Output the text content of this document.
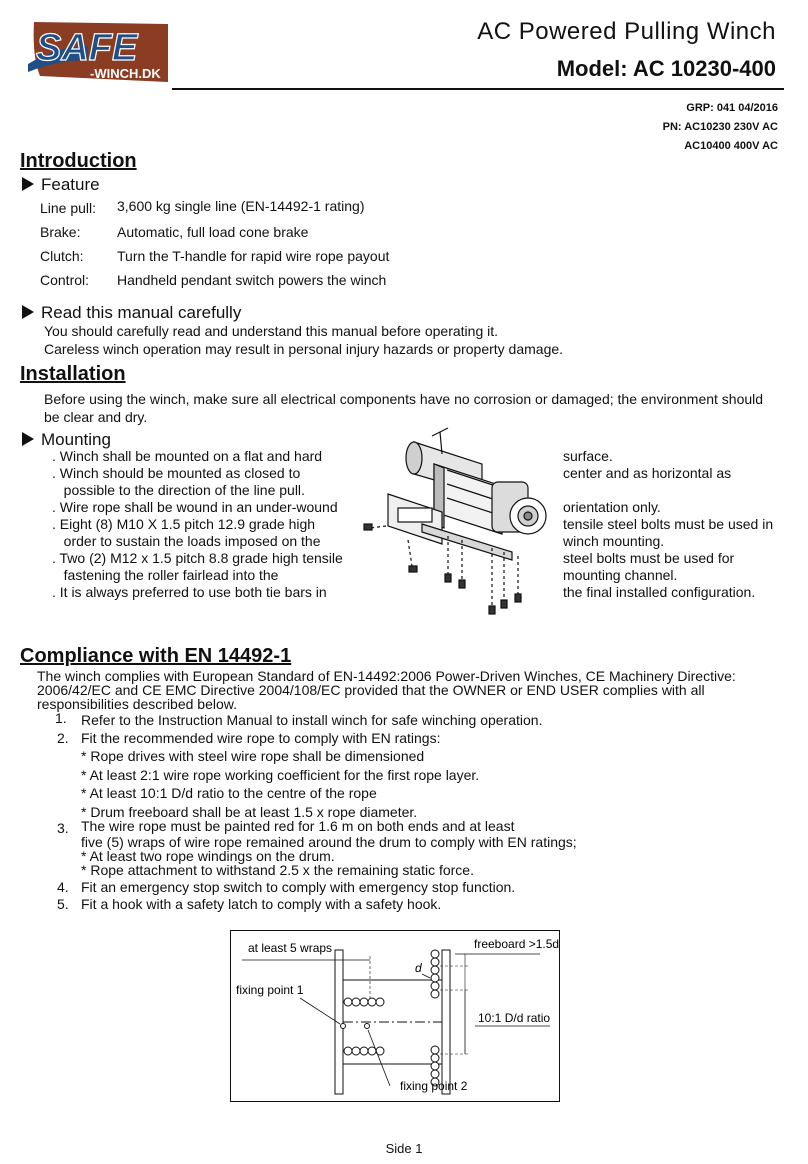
SAFE
-WINCH.DK
AC Powered Pulling Winch
Model: AC 10230-400
GRP: 041 04/2016
PN: AC10230 230V AC
AC10400 400V AC
Introduction
Feature
Line pull: 3,600 kg single line (EN-14492-1 rating)
Brake:	Automatic, full load cone brake
Clutch: Turn the T-handle for rapid wire rope payout
Control: Handheld pendant switch powers the winch
Read this manual carefully
You should carefully read and understand this manual before operating it.
Careless winch operation may result in personal injury hazards or property damage.
Installation
Before using the winch, make sure all electrical components have no corrosion or damaged; the environment should
be clear and dry.
Mounting
. Winch shall be mounted on a flat and hard
. Winch should be mounted as closed to
possible to the direction of the line pull.
. Wire rope shall be wound in an under-wound
. Eight (8) M10 X 1.5 pitch 12.9 grade high
order to sustain the loads imposed on the
. Two (2) M12 x 1.5 pitch 8.8 grade high tensile
fastening the roller fairlead into the
. It is always preferred to use both tie bars in
surface.
center and as horizontal as
orientation only.
tensile steel bolts must be used in
winch mounting.
steel bolts must be used for
mounting channel.
the final installed configuration.
Compliance with EN 14492-1
The winch complies with European Standard of EN-14492:2006 Power-Driven Winches, CE Machinery Directive:
2006/42/EC and CE EMC Directive 2004/108/EC provided that the OWNER or END USER complies with all
responsibilities described below.
1. Refer to the Instruction Manual to install winch for safe winching operation.
2. Fit the recommended wire rope to comply with EN ratings:
* Rope drives with steel wire rope shall be dimensioned
* At least 2:1 wire rope working coefficient for the first rope layer.
* At least 10:1 D/d ratio to the centre of the rope
* Drum freeboard shall be at least 1.5 x rope diameter.
3. The wire rope must be painted red for 1.6 m on both ends and at least
five (5) wraps of wire rope remained around the drum to comply with EN ratings;
* At least two rope windings on the drum.
* Rope attachment to withstand 2.5 x the remaining static force.
4. Fit an emergency stop switch to comply with emergency stop function.
5. Fit a hook with a safety latch to comply with a safety hook.
at least 5 wraps	freeboard >1.5d
d
fixing point 1
10:1 D/d ratio
fixing point 2
Side 1
